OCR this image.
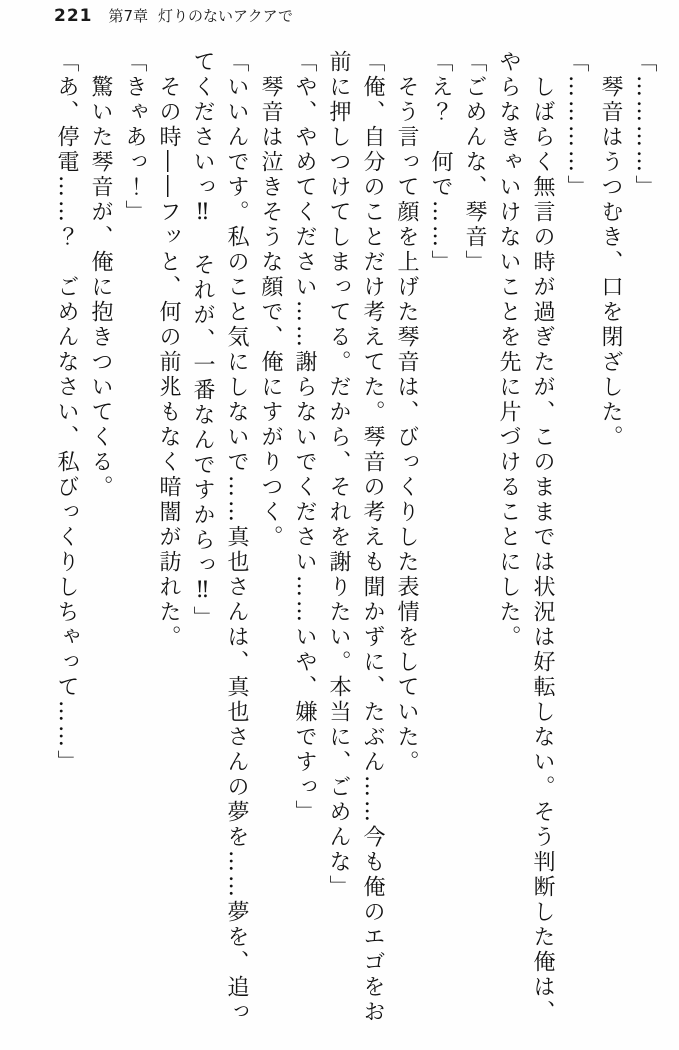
221 第7章 灯りのないアクアで

「…………」

　琴音はうつむき、口を閉ざした。

「…………」

　しばらく無言の時が過ぎたが、このままでは状況は好転しない。そう判断した俺は、やらなきゃいけないことを先に片づけることにした。

「ごめんな、琴音」

「え？　何で……」

　そう言って顔を上げた琴音は、びっくりした表情をしていた。

「俺、自分のことだけ考えてた。琴音の考えも聞かずに、たぶん……今も俺のエゴをお前に押しつけてしまってる。だから、それを謝りたい。本当に、ごめんな」

「や、やめてください……謝らないでください……いや、嫌ですっ」

　琴音は泣きそうな顔で、俺にすがりつく。

「いいんです。私のこと気にしないで……真也さんは、真也さんの夢を……夢を、追ってくださいっ‼　それが、一番なんですからっ‼」

　その時――フッと、何の前兆もなく暗闇が訪れた。

「きゃあっ！」

　驚いた琴音が、俺に抱きついてくる。

「あ、停電……？　ごめんなさい、私びっくりしちゃって……」
